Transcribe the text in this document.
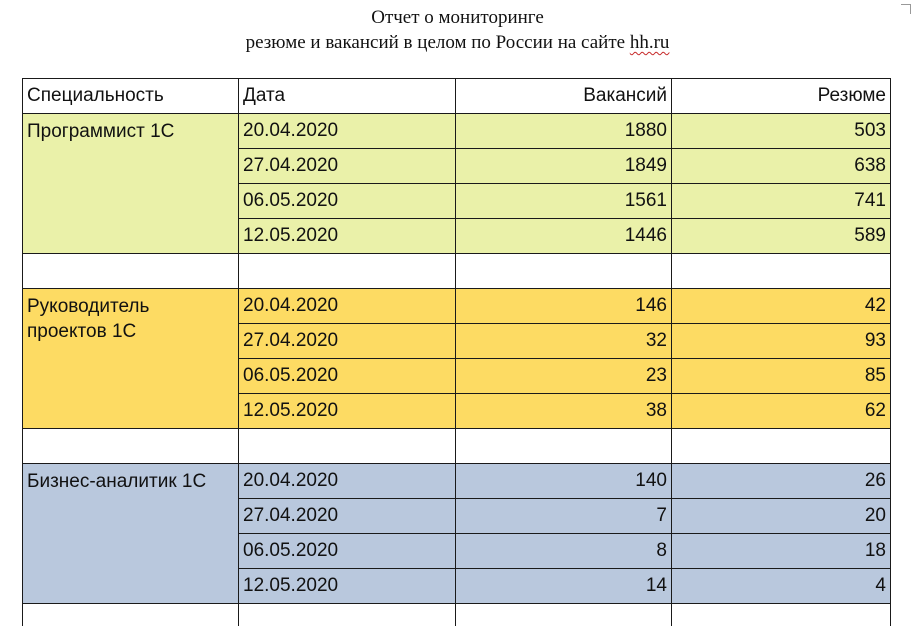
Отчет о мониторинге
резюме и вакансий в целом по России на сайте hh.ru
Специальность	Дата	Вакансий	Резюме
Программист 1С	20.04.2020	1880	503
	27.04.2020	1849	638
	06.05.2020	1561	741
	12.05.2020	1446	589

Руководитель проектов 1С	20.04.2020	146	42
	27.04.2020	32	93
	06.05.2020	23	85
	12.05.2020	38	62

Бизнес-аналитик 1С	20.04.2020	140	26
	27.04.2020	7	20
	06.05.2020	8	18
	12.05.2020	14	4
